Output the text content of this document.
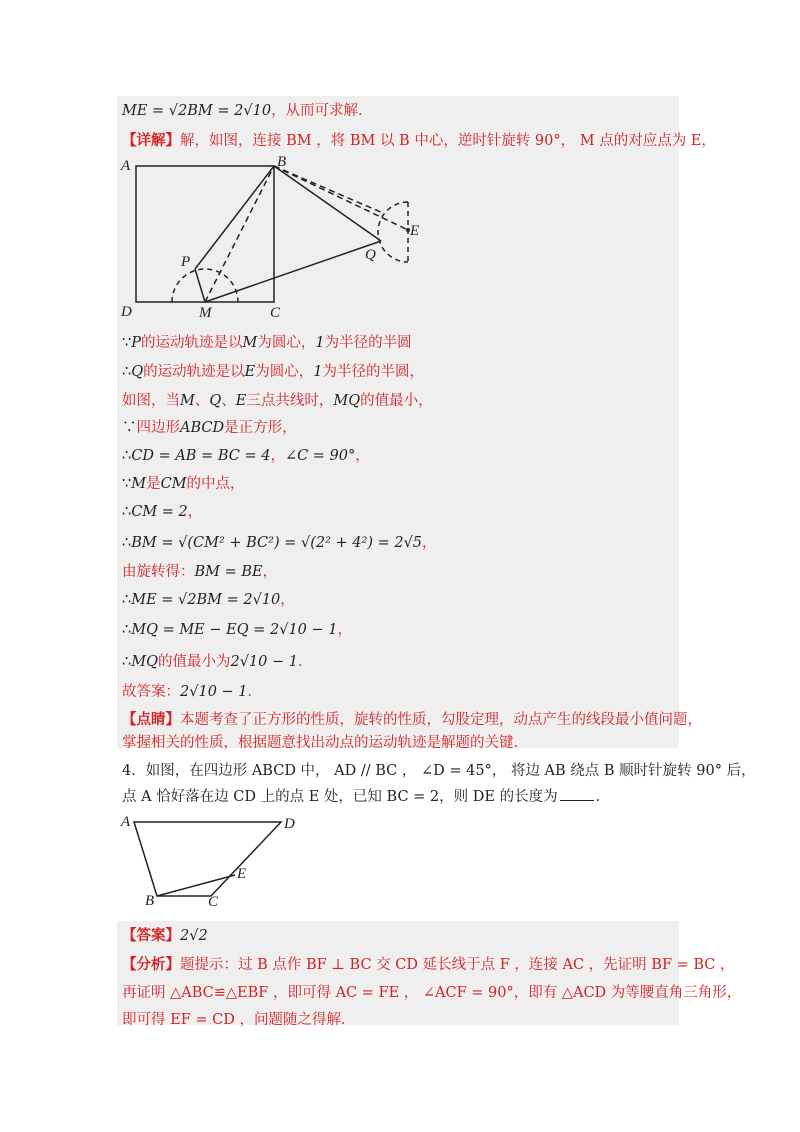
ME = √2BM = 2√10，从而可求解．
【详解】解，如图，连接 BM ，将 BM 以 B 中心，逆时针旋转 90°， M 点的对应点为 E，
A	B
D	C
M
P	Q
E
∵P的运动轨迹是以M为圆心，1为半径的半圆
∴Q的运动轨迹是以E为圆心，1为半径的半圆，
如图，当M、Q、E三点共线时，MQ的值最小，
∵四边形ABCD是正方形，
∴CD = AB = BC = 4，∠C = 90°，
∵M是CM的中点，
∴CM = 2，
∴BM = √(CM² + BC²) = √(2² + 4²) = 2√5，
由旋转得：BM = BE，
∴ME = √2BM = 2√10，
∴MQ = ME − EQ = 2√10 − 1，
∴MQ的值最小为2√10 − 1．
故答案：2√10 − 1．
【点睛】本题考查了正方形的性质，旋转的性质，勾股定理，动点产生的线段最小值问题，
掌握相关的性质，根据题意找出动点的运动轨迹是解题的关键．
4．如图，在四边形 ABCD 中， AD // BC ， ∠D = 45°， 将边 AB 绕点 B 顺时针旋转 90° 后，
点 A 恰好落在边 CD 上的点 E 处，已知 BC = 2，则 DE 的长度为	．
A	D
E
B	C
【答案】2√2
【分析】题提示：过 B 点作 BF ⊥ BC 交 CD 延长线于点 F ，连接 AC ，先证明 BF = BC ，
再证明 △ABC≌△EBF ，即可得 AC = FE ， ∠ACF = 90°，即有 △ACD 为等腰直角三角形，
即可得 EF = CD ，问题随之得解．
